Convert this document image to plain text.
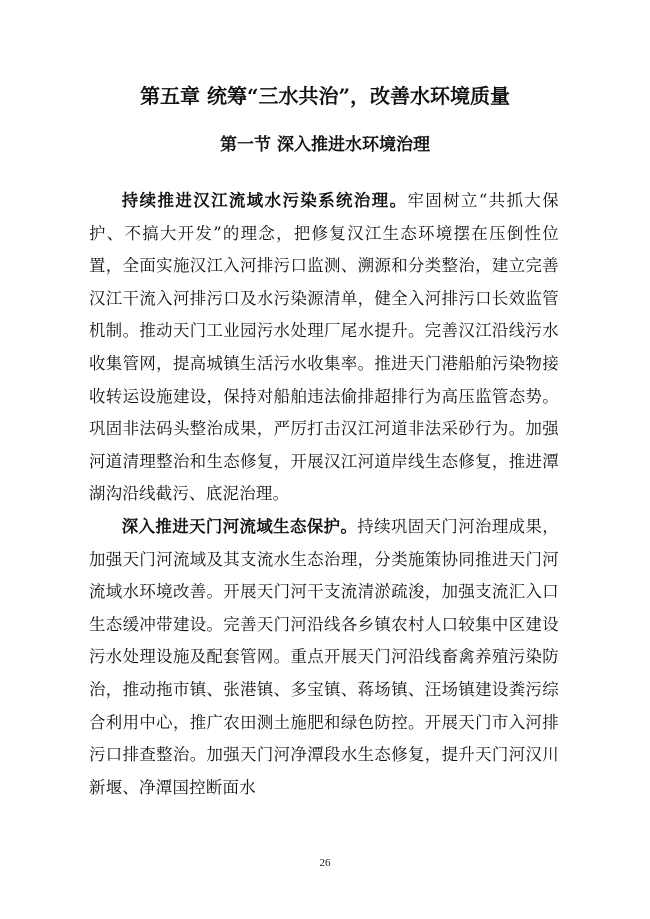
第五章 统筹“三水共治”，改善水环境质量
第一节 深入推进水环境治理

持续推进汉江流域水污染系统治理。牢固树立“共抓大保护、不搞大开发”的理念，把修复汉江生态环境摆在压倒性位置，全面实施汉江入河排污口监测、溯源和分类整治，建立完善汉江干流入河排污口及水污染源清单，健全入河排污口长效监管机制。推动天门工业园污水处理厂尾水提升。完善汉江沿线污水收集管网，提高城镇生活污水收集率。推进天门港船舶污染物接收转运设施建设，保持对船舶违法偷排超排行为高压监管态势。巩固非法码头整治成果，严厉打击汉江河道非法采砂行为。加强河道清理整治和生态修复，开展汉江河道岸线生态修复，推进潭湖沟沿线截污、底泥治理。

深入推进天门河流域生态保护。持续巩固天门河治理成果，加强天门河流域及其支流水生态治理，分类施策协同推进天门河流域水环境改善。开展天门河干支流清淤疏浚，加强支流汇入口生态缓冲带建设。完善天门河沿线各乡镇农村人口较集中区建设污水处理设施及配套管网。重点开展天门河沿线畜禽养殖污染防治，推动拖市镇、张港镇、多宝镇、蒋场镇、汪场镇建设粪污综合利用中心，推广农田测土施肥和绿色防控。开展天门市入河排污口排查整治。加强天门河净潭段水生态修复，提升天门河汉川新堰、净潭国控断面水

26
